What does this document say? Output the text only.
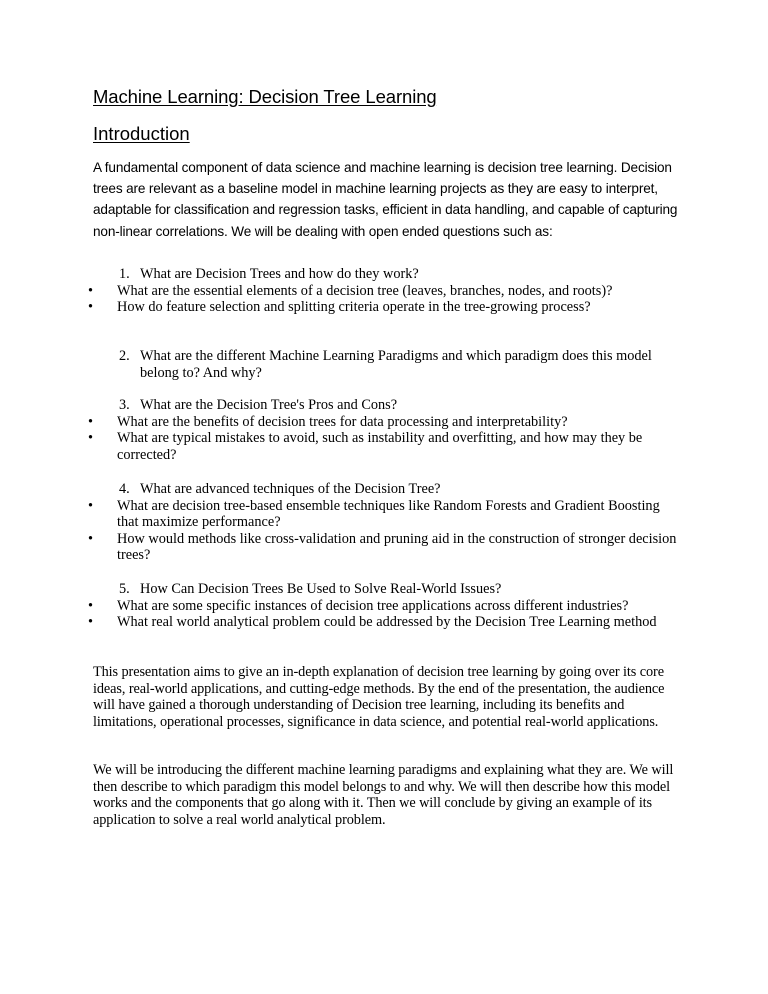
Machine Learning: Decision Tree Learning
Introduction

A fundamental component of data science and machine learning is decision tree learning. Decision trees are relevant as a baseline model in machine learning projects as they are easy to interpret, adaptable for classification and regression tasks, efficient in data handling, and capable of capturing non-linear correlations. We will be dealing with open ended questions such as:

1. What are Decision Trees and how do they work?
• What are the essential elements of a decision tree (leaves, branches, nodes, and roots)?
• How do feature selection and splitting criteria operate in the tree-growing process?
2. What are the different Machine Learning Paradigms and which paradigm does this model belong to? And why?
3. What are the Decision Tree's Pros and Cons?
• What are the benefits of decision trees for data processing and interpretability?
• What are typical mistakes to avoid, such as instability and overfitting, and how may they be corrected?
4. What are advanced techniques of the Decision Tree?
• What are decision tree-based ensemble techniques like Random Forests and Gradient Boosting that maximize performance?
• How would methods like cross-validation and pruning aid in the construction of stronger decision trees?
5. How Can Decision Trees Be Used to Solve Real-World Issues?
• What are some specific instances of decision tree applications across different industries?
• What real world analytical problem could be addressed by the Decision Tree Learning method

This presentation aims to give an in-depth explanation of decision tree learning by going over its core ideas, real-world applications, and cutting-edge methods. By the end of the presentation, the audience will have gained a thorough understanding of Decision tree learning, including its benefits and limitations, operational processes, significance in data science, and potential real-world applications.

We will be introducing the different machine learning paradigms and explaining what they are. We will then describe to which paradigm this model belongs to and why. We will then describe how this model works and the components that go along with it. Then we will conclude by giving an example of its application to solve a real world analytical problem.
